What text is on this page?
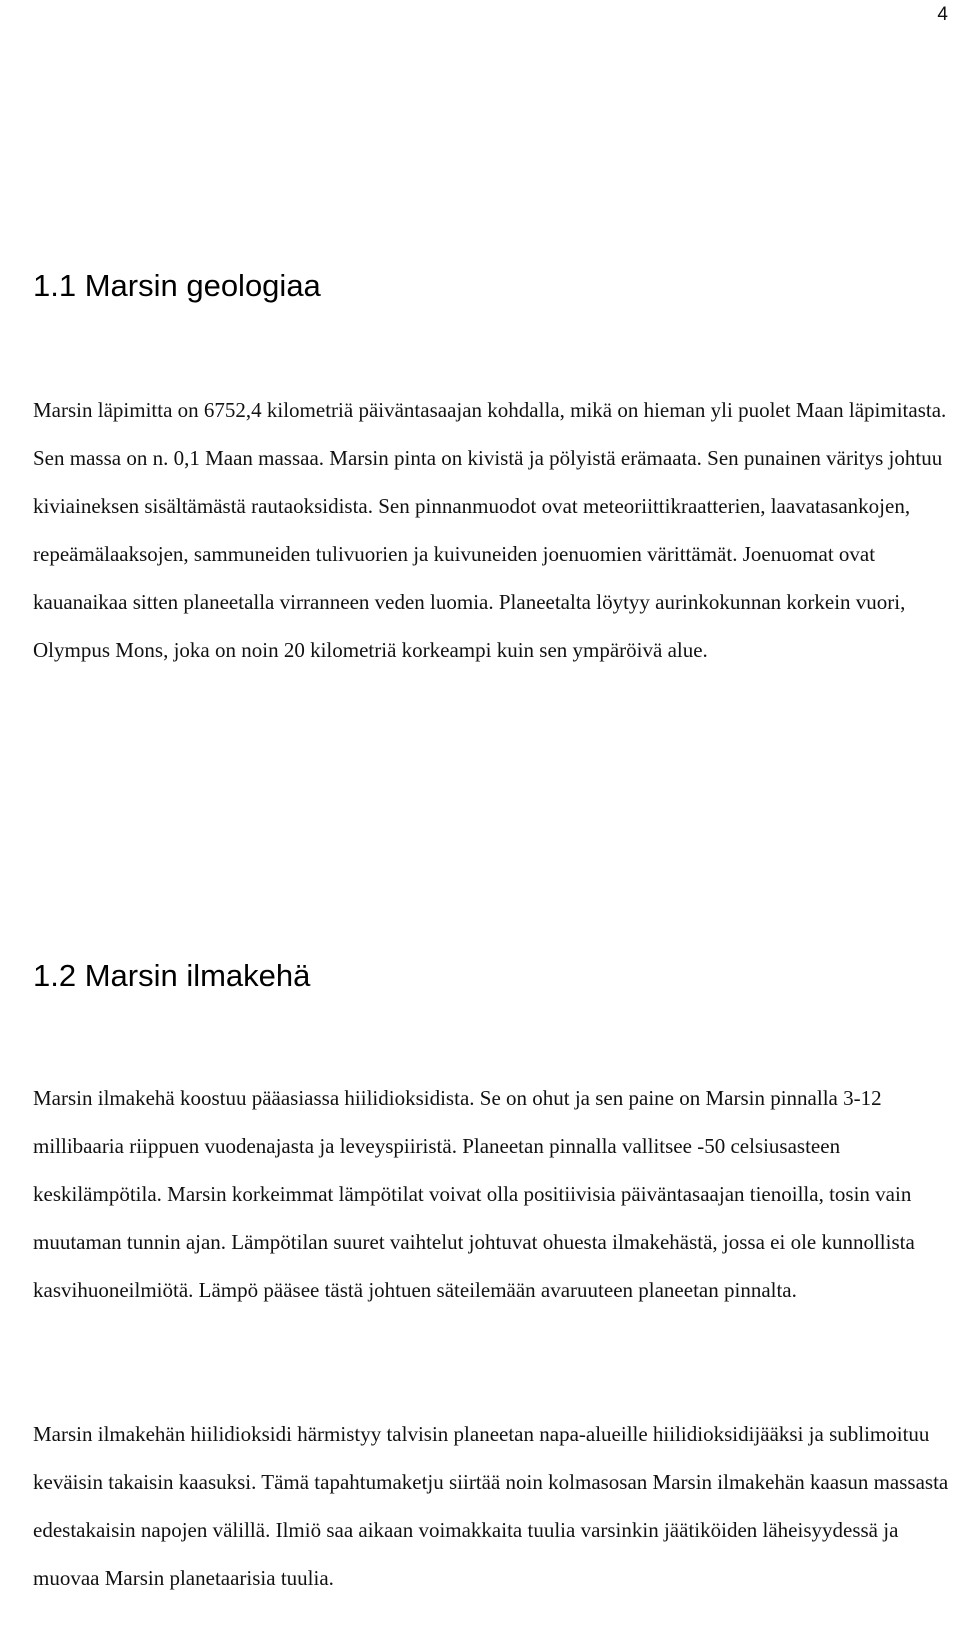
4
1.1 Marsin geologiaa

Marsin läpimitta on 6752,4 kilometriä päiväntasaajan kohdalla, mikä on hieman yli puolet Maan läpimitasta. Sen massa on n. 0,1 Maan massaa. Marsin pinta on kivistä ja pölyistä erämaata. Sen punainen väritys johtuu kiviaineksen sisältämästä rautaoksidista. Sen pinnanmuodot ovat meteoriittikraatterien, laavatasankojen, repeämälaaksojen, sammuneiden tulivuorien ja kuivuneiden joenuomien värittämät. Joenuomat ovat kauanaikaa sitten planeetalla virranneen veden luomia. Planeetalta löytyy aurinkokunnan korkein vuori, Olympus Mons, joka on noin 20 kilometriä korkeampi kuin sen ympäröivä alue.

1.2 Marsin ilmakehä

Marsin ilmakehä koostuu pääasiassa hiilidioksidista. Se on ohut ja sen paine on Marsin pinnalla 3-12 millibaaria riippuen vuodenajasta ja leveyspiiristä. Planeetan pinnalla vallitsee -50 celsiusasteen keskilämpötila. Marsin korkeimmat lämpötilat voivat olla positiivisia päiväntasaajan tienoilla, tosin vain muutaman tunnin ajan. Lämpötilan suuret vaihtelut johtuvat ohuesta ilmakehästä, jossa ei ole kunnollista kasvihuoneilmiötä. Lämpö pääsee tästä johtuen säteilemään avaruuteen planeetan pinnalta.

Marsin ilmakehän hiilidioksidi härmistyy talvisin planeetan napa-alueille hiilidioksidijääksi ja sublimoituu keväisin takaisin kaasuksi. Tämä tapahtumaketju siirtää noin kolmasosan Marsin ilmakehän kaasun massasta edestakaisin napojen välillä. Ilmiö saa aikaan voimakkaita tuulia varsinkin jäätiköiden läheisyydessä ja muovaa Marsin planetaarisia tuulia.
